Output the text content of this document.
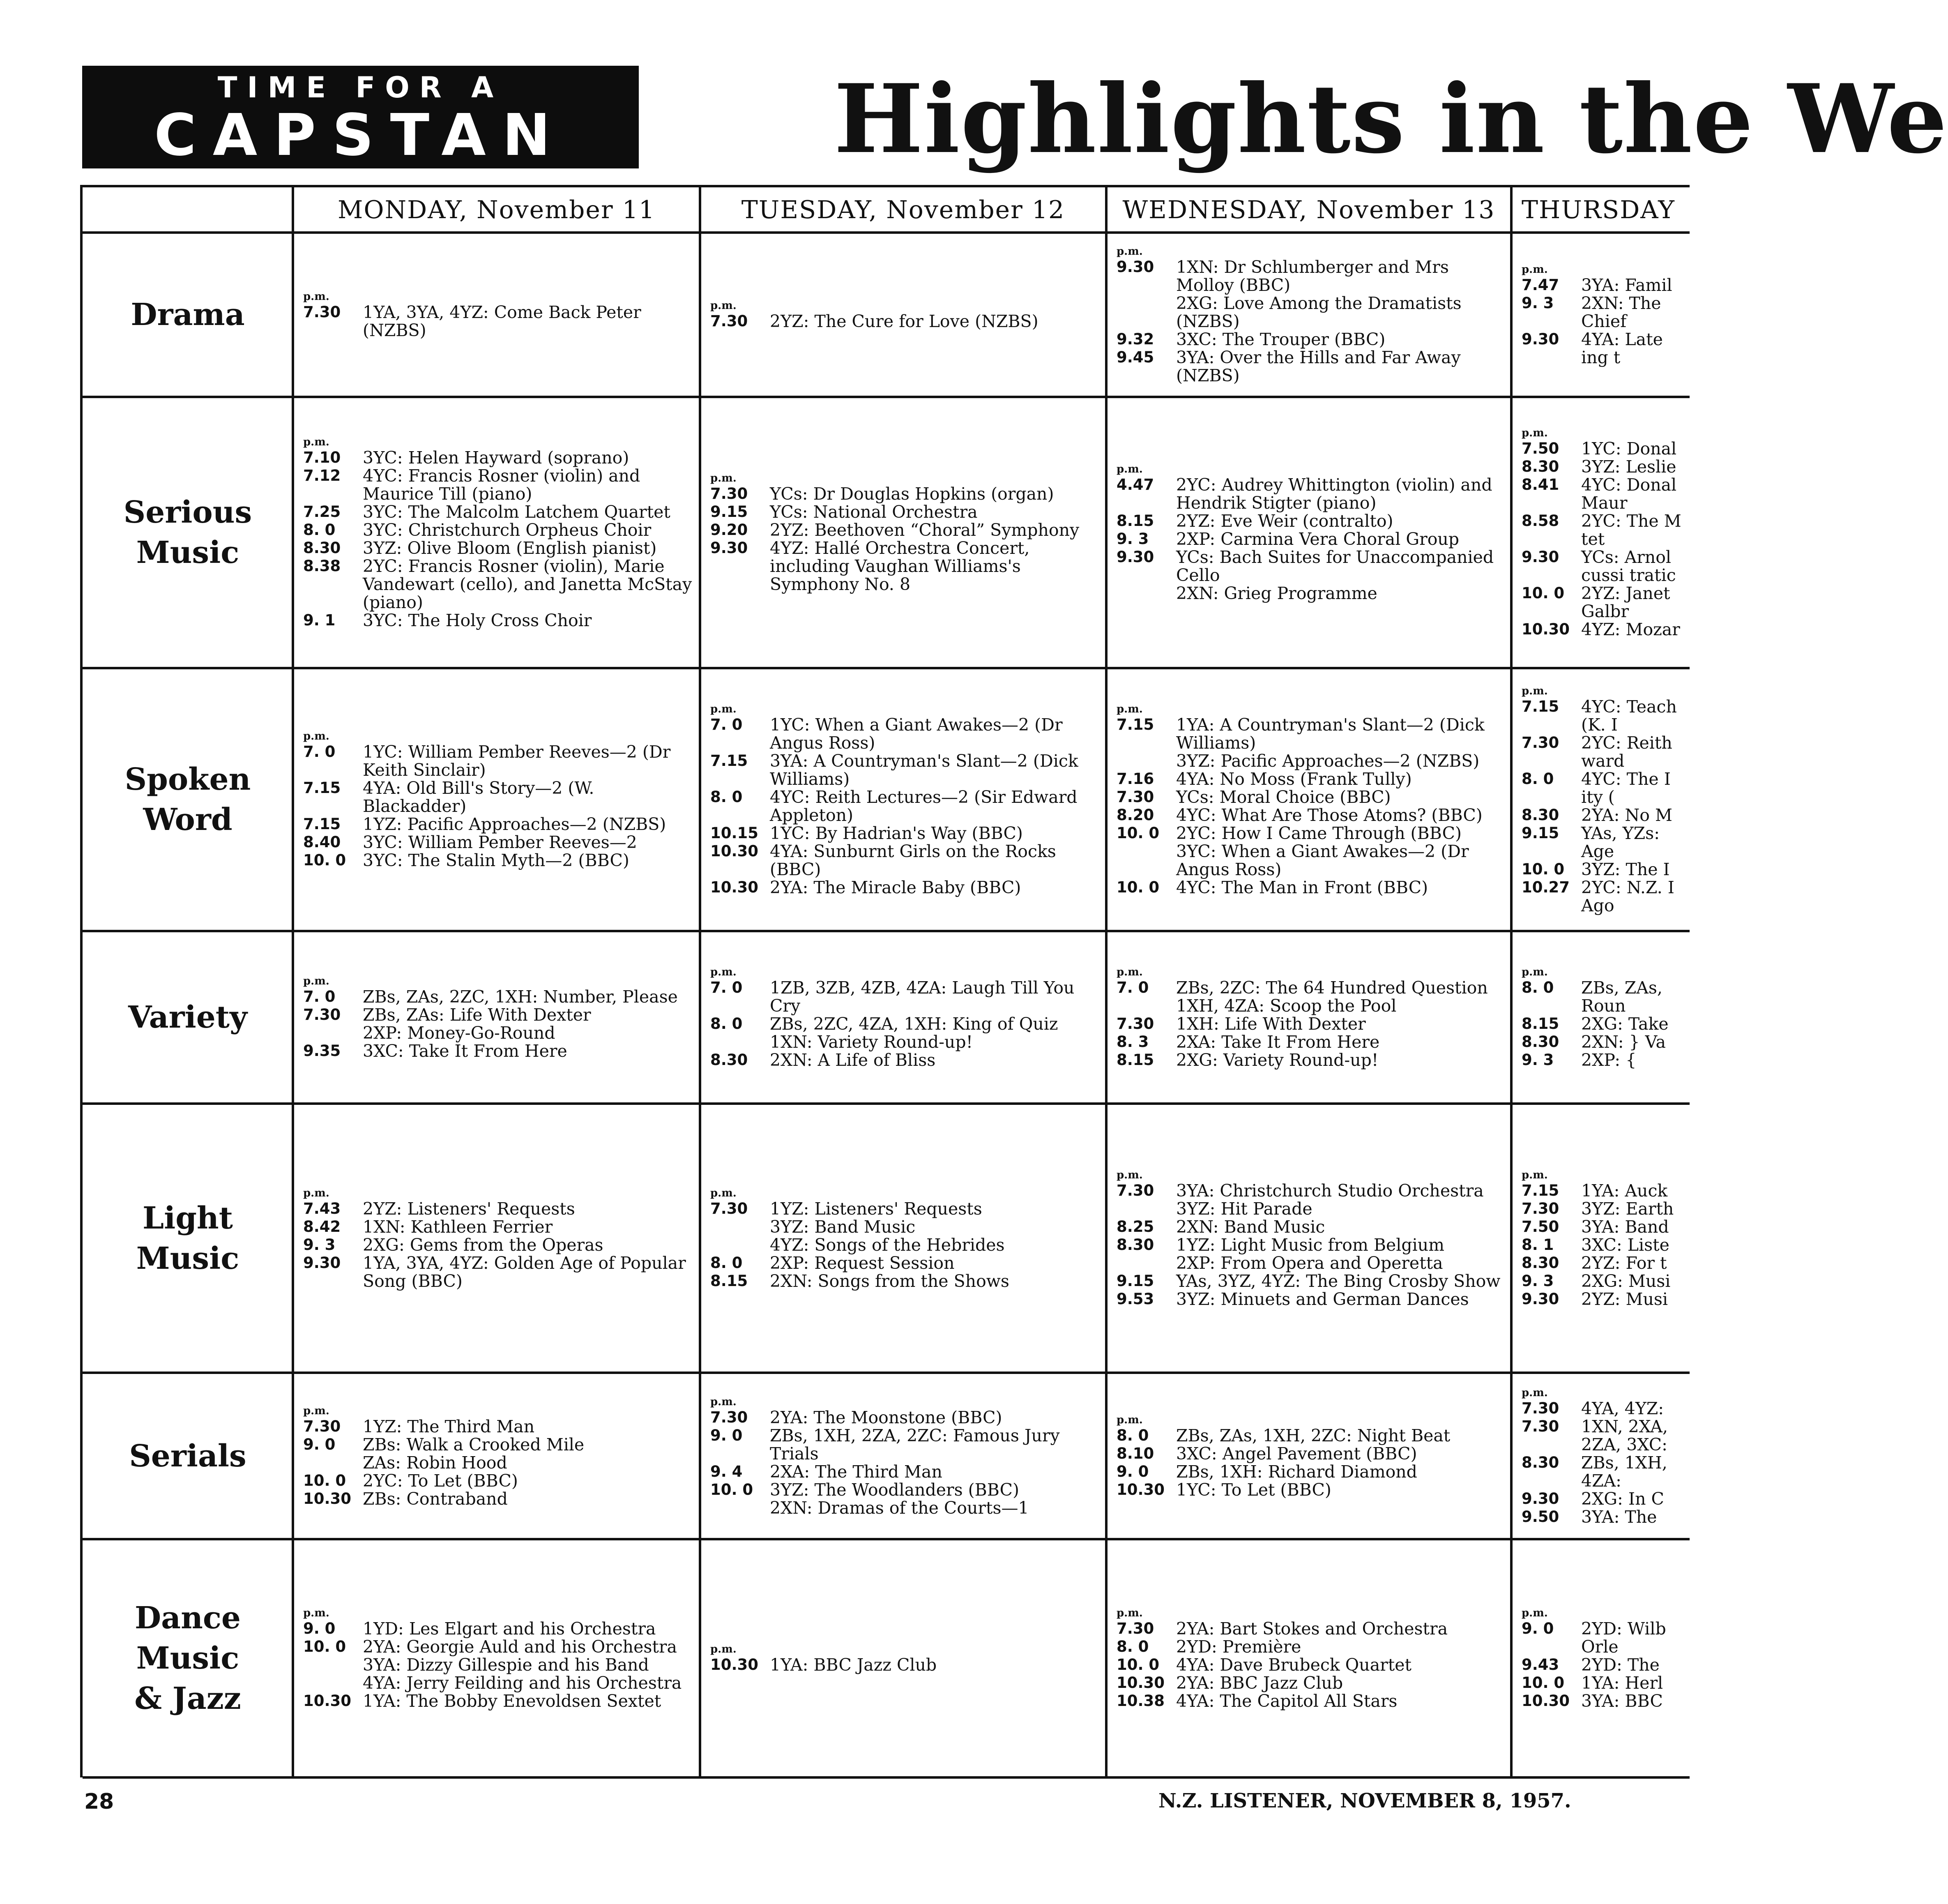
TIME FOR A
CAPSTAN	Highlights in the We
MONDAY, November 11	TUESDAY, November 12	WEDNESDAY, November 13	THURSDAY
Drama
p.m.
7.30	1YA, 3YA, 4YZ: Come Back Peter (NZBS)
p.m.
7.30	2YZ: The Cure for Love (NZBS)
p.m.
9.30	1XN: Dr Schlumberger and Mrs Molloy (BBC)
2XG: Love Among the Dramatists (NZBS)
9.32	3XC: The Trouper (BBC)
9.45	3YA: Over the Hills and Far Away (NZBS)
p.m.
7.47	3YA: Famil
9. 3	2XN: The Chief
9.30	4YA: Late ing t
Serious
Music
p.m.
7.10	3YC: Helen Hayward (soprano)
7.12	4YC: Francis Rosner (violin) and Maurice Till (piano)
7.25	3YC: The Malcolm Latchem Quartet
8. 0	3YC: Christchurch Orpheus Choir
8.30	3YZ: Olive Bloom (English pianist)
8.38	2YC: Francis Rosner (violin), Marie Vandewart (cello), and Janetta McStay (piano)
9. 1	3YC: The Holy Cross Choir
p.m.
7.30	YCs: Dr Douglas Hopkins (organ)
9.15	YCs: National Orchestra
9.20	2YZ: Beethoven “Choral” Symphony
9.30	4YZ: Hallé Orchestra Concert, including Vaughan Williams's Symphony No. 8
p.m.
4.47	2YC: Audrey Whittington (violin) and Hendrik Stigter (piano)
8.15	2YZ: Eve Weir (contralto)
9. 3	2XP: Carmina Vera Choral Group
9.30	YCs: Bach Suites for Unaccompanied Cello
2XN: Grieg Programme
p.m.
7.50	1YC: Donal
8.30	3YZ: Leslie
8.41	4YC: Donal Maur
8.58	2YC: The M tet
9.30	YCs: Arnol cussi tratic
10. 0 2YZ: Janet Galbr
10.30 4YZ: Mozar
Spoken
Word
p.m.
7. 0	1YC: William Pember Reeves—2 (Dr Keith Sinclair)
7.15	4YA: Old Bill's Story—2 (W. Blackadder)
7.15	1YZ: Pacific Approaches—2 (NZBS)
8.40	3YC: William Pember Reeves—2
10. 0 3YC: The Stalin Myth—2 (BBC)
p.m.
7. 0	1YC: When a Giant Awakes—2 (Dr Angus Ross)
7.15	3YA: A Countryman's Slant—2 (Dick Williams)
8. 0	4YC: Reith Lectures—2 (Sir Edward Appleton)
10.15 1YC: By Hadrian's Way (BBC)
10.30 4YA: Sunburnt Girls on the Rocks (BBC)
10.30 2YA: The Miracle Baby (BBC)
p.m.
7.15	1YA: A Countryman's Slant—2 (Dick Williams)
3YZ: Pacific Approaches—2 (NZBS)
7.16	4YA: No Moss (Frank Tully)
7.30	YCs: Moral Choice (BBC)
8.20	4YC: What Are Those Atoms? (BBC)
10. 0 2YC: How I Came Through (BBC)
3YC: When a Giant Awakes—2 (Dr Angus Ross)
10. 0 4YC: The Man in Front (BBC)
p.m.
7.15	4YC: Teach (K. I
7.30	2YC: Reith ward
8. 0	4YC: The I ity (
8.30	2YA: No M
9.15	YAs, YZs: Age
10. 0 3YZ: The I
10.27 2YC: N.Z. I Ago
Variety
p.m.
7. 0	ZBs, ZAs, 2ZC, 1XH: Number, Please
7.30	ZBs, ZAs: Life With Dexter
2XP: Money-Go-Round
9.35	3XC: Take It From Here
p.m.
7. 0	1ZB, 3ZB, 4ZB, 4ZA: Laugh Till You Cry
8. 0	ZBs, 2ZC, 4ZA, 1XH: King of Quiz
1XN: Variety Round-up!
8.30	2XN: A Life of Bliss
p.m.
7. 0	ZBs, 2ZC: The 64 Hundred Question
1XH, 4ZA: Scoop the Pool
7.30	1XH: Life With Dexter
8. 3	2XA: Take It From Here
8.15	2XG: Variety Round-up!
p.m.
8. 0	ZBs, ZAs, Roun
8.15	2XG: Take
8.30	2XN: } Va
9. 3	2XP: {
Light
Music
p.m.
7.43	2YZ: Listeners' Requests
8.42	1XN: Kathleen Ferrier
9. 3	2XG: Gems from the Operas
9.30	1YA, 3YA, 4YZ: Golden Age of Popular Song (BBC)
p.m.
7.30	1YZ: Listeners' Requests
3YZ: Band Music
4YZ: Songs of the Hebrides
8. 0	2XP: Request Session
8.15	2XN: Songs from the Shows
p.m.
7.30	3YA: Christchurch Studio Orchestra
3YZ: Hit Parade
8.25	2XN: Band Music
8.30	1YZ: Light Music from Belgium
2XP: From Opera and Operetta
9.15	YAs, 3YZ, 4YZ: The Bing Crosby Show
9.53	3YZ: Minuets and German Dances
p.m.
7.15	1YA: Auck
7.30	3YZ: Earth
7.50	3YA: Band
8. 1	3XC: Liste
8.30	2YZ: For t
9. 3	2XG: Musi
9.30	2YZ: Musi
Serials
p.m.
7.30	1YZ: The Third Man
9. 0	ZBs: Walk a Crooked Mile
ZAs: Robin Hood
10. 0 2YC: To Let (BBC)
10.30 ZBs: Contraband
p.m.
7.30	2YA: The Moonstone (BBC)
9. 0	ZBs, 1XH, 2ZA, 2ZC: Famous Jury Trials
9. 4	2XA: The Third Man
10. 0 3YZ: The Woodlanders (BBC)
2XN: Dramas of the Courts—1
p.m.
8. 0	ZBs, ZAs, 1XH, 2ZC: Night Beat
8.10	3XC: Angel Pavement (BBC)
9. 0	ZBs, 1XH: Richard Diamond
10.30 1YC: To Let (BBC)
p.m.
7.30	4YA, 4YZ:
7.30	1XN, 2XA, 2ZA, 3XC:
8.30	ZBs, 1XH, 4ZA:
9.30	2XG: In C
9.50	3YA: The
Dance
Music
& Jazz
p.m.
9. 0	1YD: Les Elgart and his Orchestra
10. 0 2YA: Georgie Auld and his Orchestra
3YA: Dizzy Gillespie and his Band
4YA: Jerry Feilding and his Orchestra
10.30 1YA: The Bobby Enevoldsen Sextet
p.m.
10.30 1YA: BBC Jazz Club
p.m.
7.30	2YA: Bart Stokes and Orchestra
8. 0	2YD: Première
10. 0 4YA: Dave Brubeck Quartet
10.30 2YA: BBC Jazz Club
10.38 4YA: The Capitol All Stars
p.m.
9. 0	2YD: Wilb Orle
9.43	2YD: The
10. 0 1YA: Herl
10.30 3YA: BBC
28	N.Z. LISTENER, NOVEMBER 8, 1957.
